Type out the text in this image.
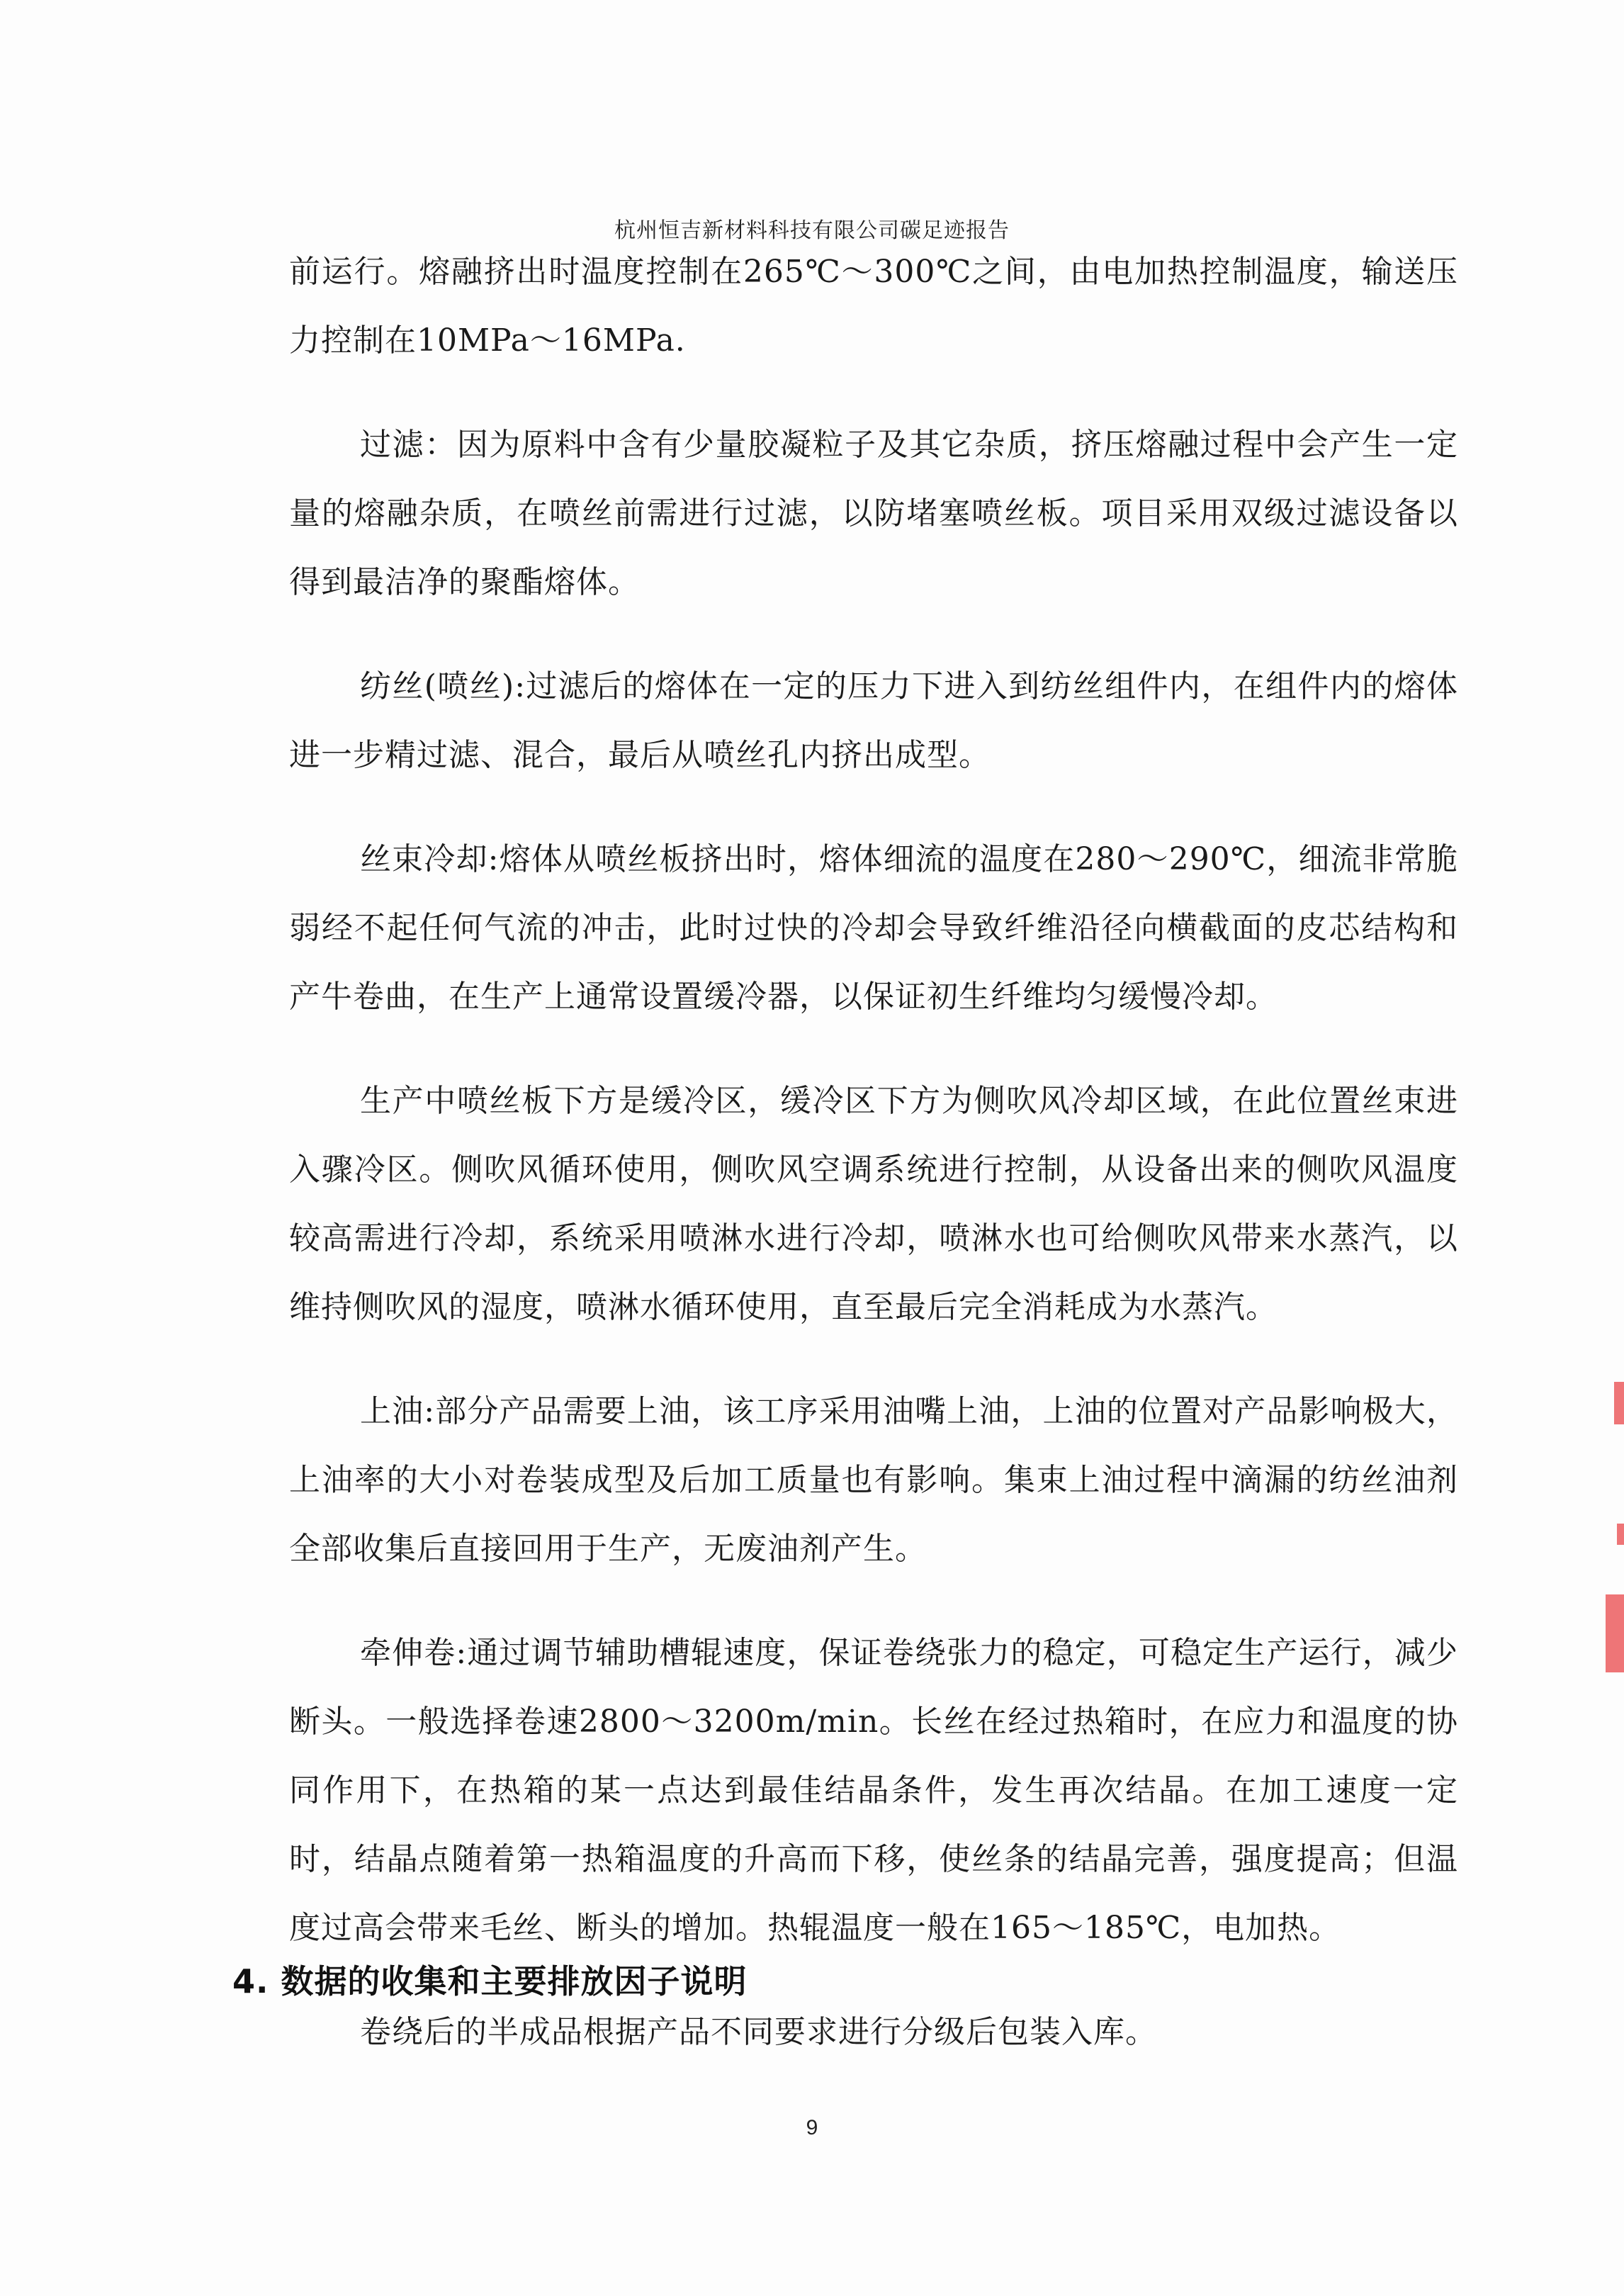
杭州恒吉新材料科技有限公司碳足迹报告

前运行。熔融挤出时温度控制在265℃～300℃之间，由电加热控制温度，输送压力控制在10MPa～16MPa.

过滤：因为原料中含有少量胶凝粒子及其它杂质，挤压熔融过程中会产生一定量的熔融杂质，在喷丝前需进行过滤，以防堵塞喷丝板。项目采用双级过滤设备以得到最洁净的聚酯熔体。

纺丝(喷丝):过滤后的熔体在一定的压力下进入到纺丝组件内，在组件内的熔体进一步精过滤、混合，最后从喷丝孔内挤出成型。

丝束冷却:熔体从喷丝板挤出时，熔体细流的温度在280～290℃，细流非常脆弱经不起任何气流的冲击，此时过快的冷却会导致纤维沿径向横截面的皮芯结构和产牛卷曲，在生产上通常设置缓冷器，以保证初生纤维均匀缓慢冷却。

生产中喷丝板下方是缓冷区，缓冷区下方为侧吹风冷却区域，在此位置丝束进入骤冷区。侧吹风循环使用，侧吹风空调系统进行控制，从设备出来的侧吹风温度较高需进行冷却，系统采用喷淋水进行冷却，喷淋水也可给侧吹风带来水蒸汽，以维持侧吹风的湿度，喷淋水循环使用，直至最后完全消耗成为水蒸汽。

上油:部分产品需要上油，该工序采用油嘴上油，上油的位置对产品影响极大，上油率的大小对卷装成型及后加工质量也有影响。集束上油过程中滴漏的纺丝油剂全部收集后直接回用于生产，无废油剂产生。

牵伸卷:通过调节辅助槽辊速度，保证卷绕张力的稳定，可稳定生产运行，减少断头。一般选择卷速2800～3200m/min。长丝在经过热箱时，在应力和温度的协同作用下，在热箱的某一点达到最佳结晶条件，发生再次结晶。在加工速度一定时，结晶点随着第一热箱温度的升高而下移，使丝条的结晶完善，强度提高；但温度过高会带来毛丝、断头的增加。热辊温度一般在165～185℃，电加热。

卷绕后的半成品根据产品不同要求进行分级后包装入库。

4. 数据的收集和主要排放因子说明
9
